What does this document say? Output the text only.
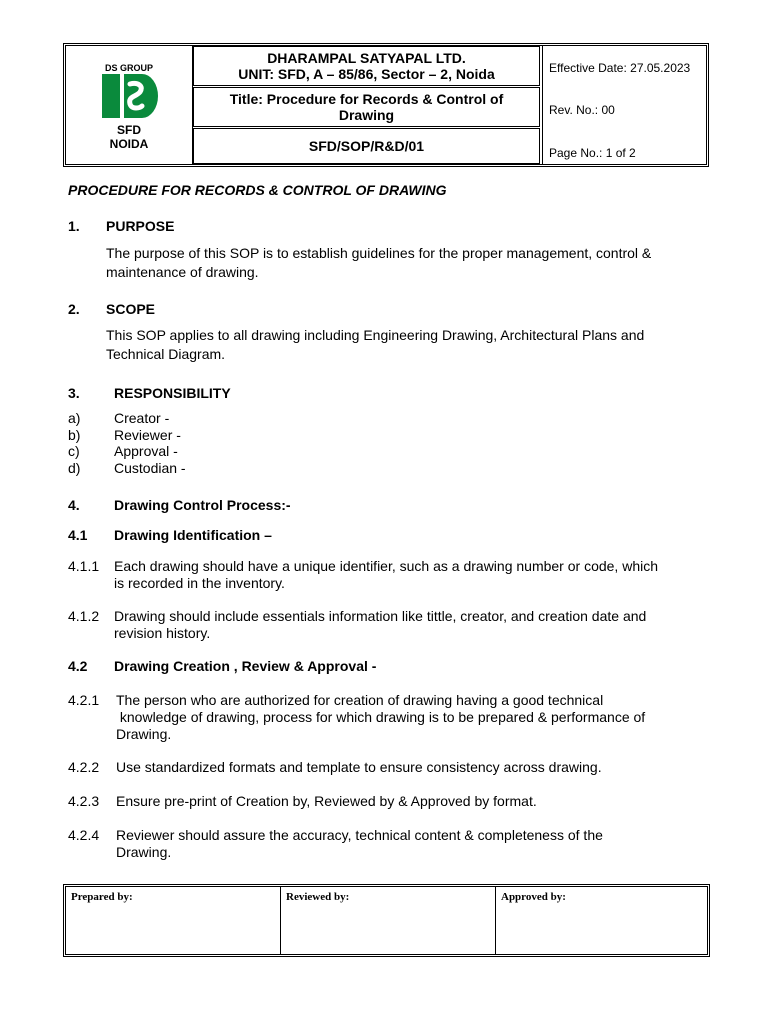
DS GROUP
SFD
NOIDA
DHARAMPAL SATYAPAL LTD.
UNIT: SFD, A – 85/86, Sector – 2, Noida
Title: Procedure for Records & Control of
Drawing
SFD/SOP/R&D/01
Effective Date: 27.05.2023
Rev. No.: 00
Page No.: 1 of 2
PROCEDURE FOR RECORDS & CONTROL OF DRAWING
1. PURPOSE
The purpose of this SOP is to establish guidelines for the proper management, control &
maintenance of drawing.
2. SCOPE
This SOP applies to all drawing including Engineering Drawing, Architectural Plans and
Technical Diagram.
3. RESPONSIBILITY
a) Creator -
b) Reviewer -
c) Approval -
d) Custodian -
4. Drawing Control Process:-
4.1 Drawing Identification –
4.1.1 Each drawing should have a unique identifier, such as a drawing number or code, which
is recorded in the inventory.
4.1.2 Drawing should include essentials information like tittle, creator, and creation date and
revision history.
4.2 Drawing Creation , Review & Approval -
4.2.1 The person who are authorized for creation of drawing having a good technical
knowledge of drawing, process for which drawing is to be prepared & performance of
Drawing.
4.2.2 Use standardized formats and template to ensure consistency across drawing.
4.2.3 Ensure pre-print of Creation by, Reviewed by & Approved by format.
4.2.4 Reviewer should assure the accuracy, technical content & completeness of the
Drawing.
Prepared by:	Reviewed by:	Approved by:
